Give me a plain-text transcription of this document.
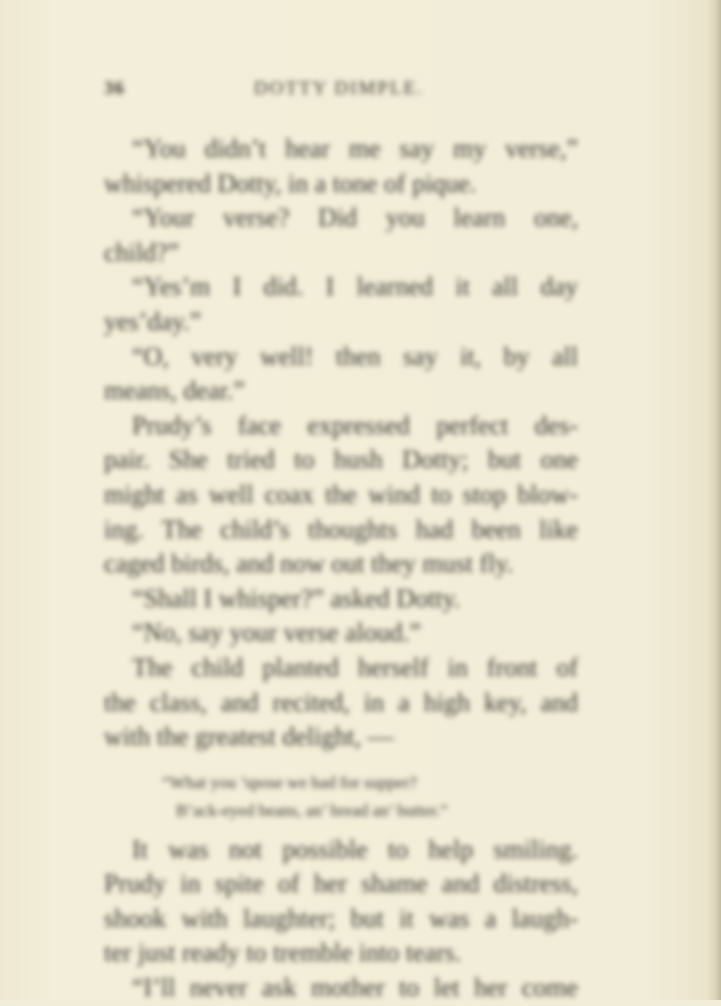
36	DOTTY DIMPLE.

“You didn’t hear me say my verse,”
whispered Dotty, in a tone of pique.

“Your verse? Did you learn one,
child?”

“Yes’m I did. I learned it all day
yes’day.”

“O, very well! then say it, by all
means, dear.”

Prudy’s face expressed perfect des-
pair. She tried to hush Dotty; but one
might as well coax the wind to stop blow-
ing. The child’s thoughts had been like
caged birds, and now out they must fly.

“Shall I whisper?” asked Dotty.

“No, say your verse aloud.”

The child planted herself in front of
the class, and recited, in a high key, and
with the greatest delight, —

“What you ’spose we had for supper?
B’ack-eyed beans, an’ bread an’ butter.”

It was not possible to help smiling.
Prudy in spite of her shame and distress,
shook with laughter; but it was a laugh-
ter just ready to tremble into tears.

“I’ll never ask mother to let her come
